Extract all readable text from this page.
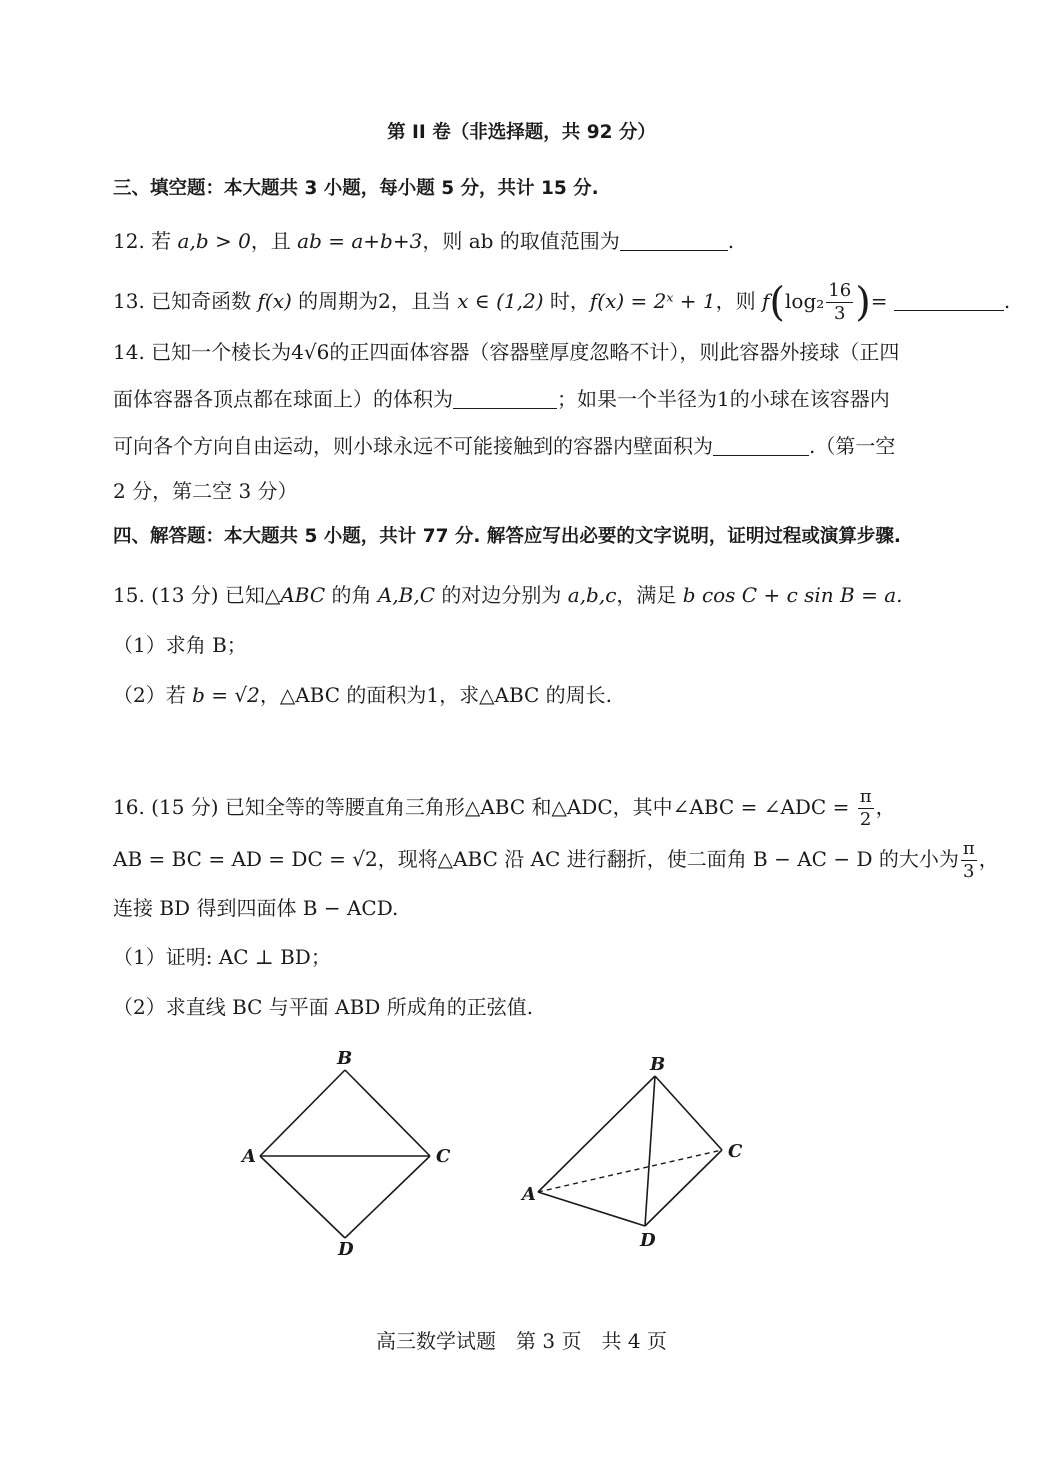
第 II 卷（非选择题，共 92 分）
三、填空题：本大题共 3 小题，每小题 5 分，共计 15 分.
12. 若 a,b > 0，且 ab = a+b+3，则 ab 的取值范围为	.
13. 已知奇函数 f(x) 的周期为2，且当 x ∈ (1,2) 时，f(x) = 2ˣ + 1，则 $f(\log_2 \frac{16}{3}$ )=	.
14. 已知一个棱长为4√6的正四面体容器（容器壁厚度忽略不计），则此容器外接球（正四
面体容器各顶点都在球面上）的体积为	；如果一个半径为1的小球在该容器内
可向各个方向自由运动，则小球永远不可能接触到的容器内壁面积为	.（第一空
2 分，第二空 3 分）
四、解答题：本大题共 5 小题，共计 77 分. 解答应写出必要的文字说明，证明过程或演算步骤.
15. (13 分) 已知△ABC 的角 A,B,C 的对边分别为 a,b,c，满足 b cos C + c sin B = a.
（1）求角 B；
（2）若 b = √2，△ABC 的面积为1，求△ABC 的周长.
16. (15 分) 已知全等的等腰直角三角形△ABC 和△ADC，其中∠ABC = ∠ADC = $\frac{\pi}{2}$ ，
AB = BC = AD = DC = √2，现将△ABC 沿 AC 进行翻折，使二面角 B − AC − D 的大小为 $\frac{\pi}{3}$ ，
连接 BD 得到四面体 B − ACD.
（1）证明: AC ⊥ BD；
（2）求直线 BC 与平面 ABD 所成角的正弦值.
B
A	C
D
B
A
C
D
高三数学试题　第 3 页　共 4 页
